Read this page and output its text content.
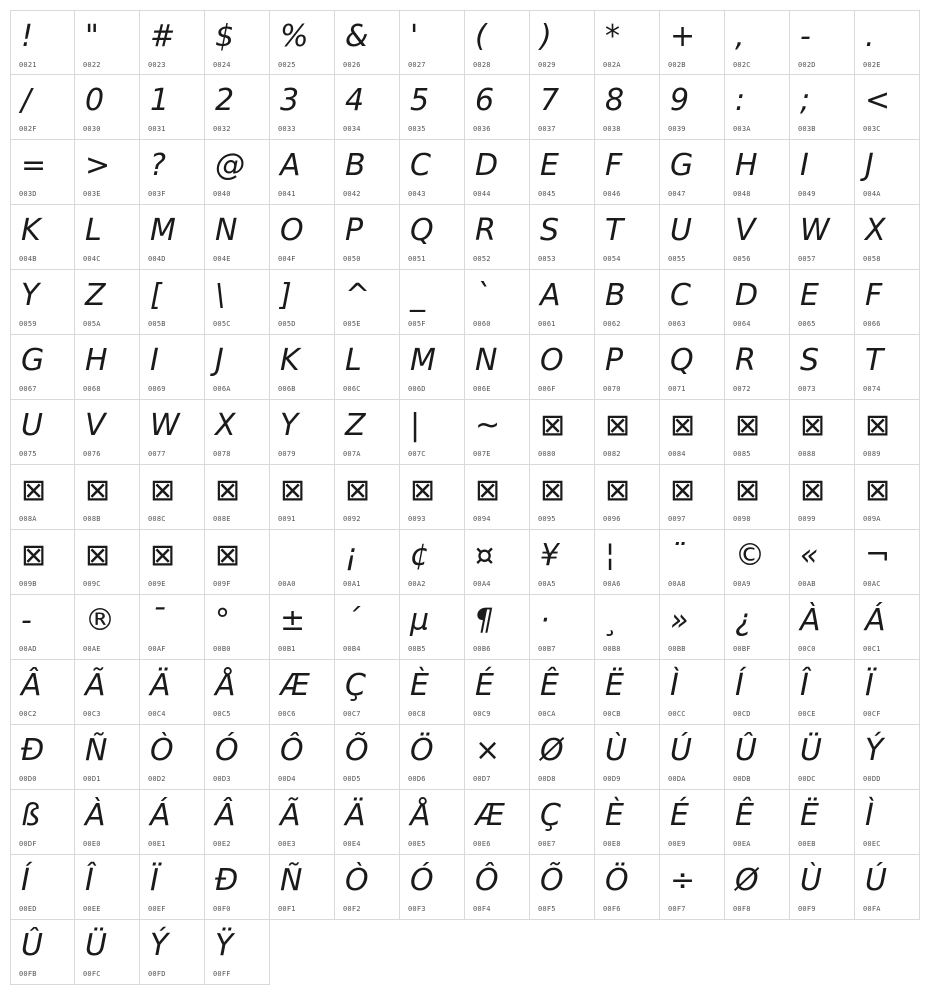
!
0021
"
0022
#
0023
$
0024
%
0025
&
0026
'
0027
(
0028
)
0029
*
002A
+
002B
,
002C
-
002D
.
002E
/
002F
0
0030
1
0031
2
0032
3
0033
4
0034
5
0035
6
0036
7
0037
8
0038
9
0039
:
003A
;
003B
<
003C
=
003D
>
003E
?
003F
@
0040
A
0041
B
0042
C
0043
D
0044
E
0045
F
0046
G
0047
H
0048
I
0049
J
004A
K
004B
L
004C
M
004D
N
004E
O
004F
P
0050
Q
0051
R
0052
S
0053
T
0054
U
0055
V
0056
W
0057
X
0058
Y
0059
Z
005A
[
005B
\
005C
]
005D
^
005E
_
005F
`
0060
A
0061
B
0062
C
0063
D
0064
E
0065
F
0066
G
0067
H
0068
I
0069
J
006A
K
006B
L
006C
M
006D
N
006E
O
006F
P
0070
Q
0071
R
0072
S
0073
T
0074
U
0075
V
0076
W
0077
X
0078
Y
0079
Z
007A
|
007C
~
007E
⊠
0080
⊠
0082
⊠
0084
⊠
0085
⊠
0088
⊠
0089
⊠
008A
⊠
008B
⊠
008C
⊠
008E
⊠
0091
⊠
0092
⊠
0093
⊠
0094
⊠
0095
⊠
0096
⊠
0097
⊠
0098
⊠
0099
⊠
009A
⊠
009B
⊠
009C
⊠
009E
⊠
009F	00A0
¡
00A1
¢
00A2
¤
00A4
¥
00A5
¦
00A6
¨
00A8
©
00A9
«
00AB
¬
00AC
-
00AD
®
00AE
¯
00AF
°
00B0
±
00B1
´
00B4
µ
00B5
¶
00B6
·
00B7
¸
00B8
»
00BB
¿
00BF
À
00C0
Á
00C1
Â
00C2
Ã
00C3
Ä
00C4
Å
00C5
Æ
00C6
Ç
00C7
È
00C8
É
00C9
Ê
00CA
Ë
00CB
Ì
00CC
Í
00CD
Î
00CE
Ï
00CF
Ð
00D0
Ñ
00D1
Ò
00D2
Ó
00D3
Ô
00D4
Õ
00D5
Ö
00D6
×
00D7
Ø
00D8
Ù
00D9
Ú
00DA
Û
00DB
Ü
00DC
Ý
00DD
ß
00DF
À
00E0
Á
00E1
Â
00E2
Ã
00E3
Ä
00E4
Å
00E5
Æ
00E6
Ç
00E7
È
00E8
É
00E9
Ê
00EA
Ë
00EB
Ì
00EC
Í
00ED
Î
00EE
Ï
00EF
Ð
00F0
Ñ
00F1
Ò
00F2
Ó
00F3
Ô
00F4
Õ
00F5
Ö
00F6
÷
00F7
Ø
00F8
Ù
00F9
Ú
00FA
Û
00FB
Ü
00FC
Ý
00FD
Ÿ
00FF
